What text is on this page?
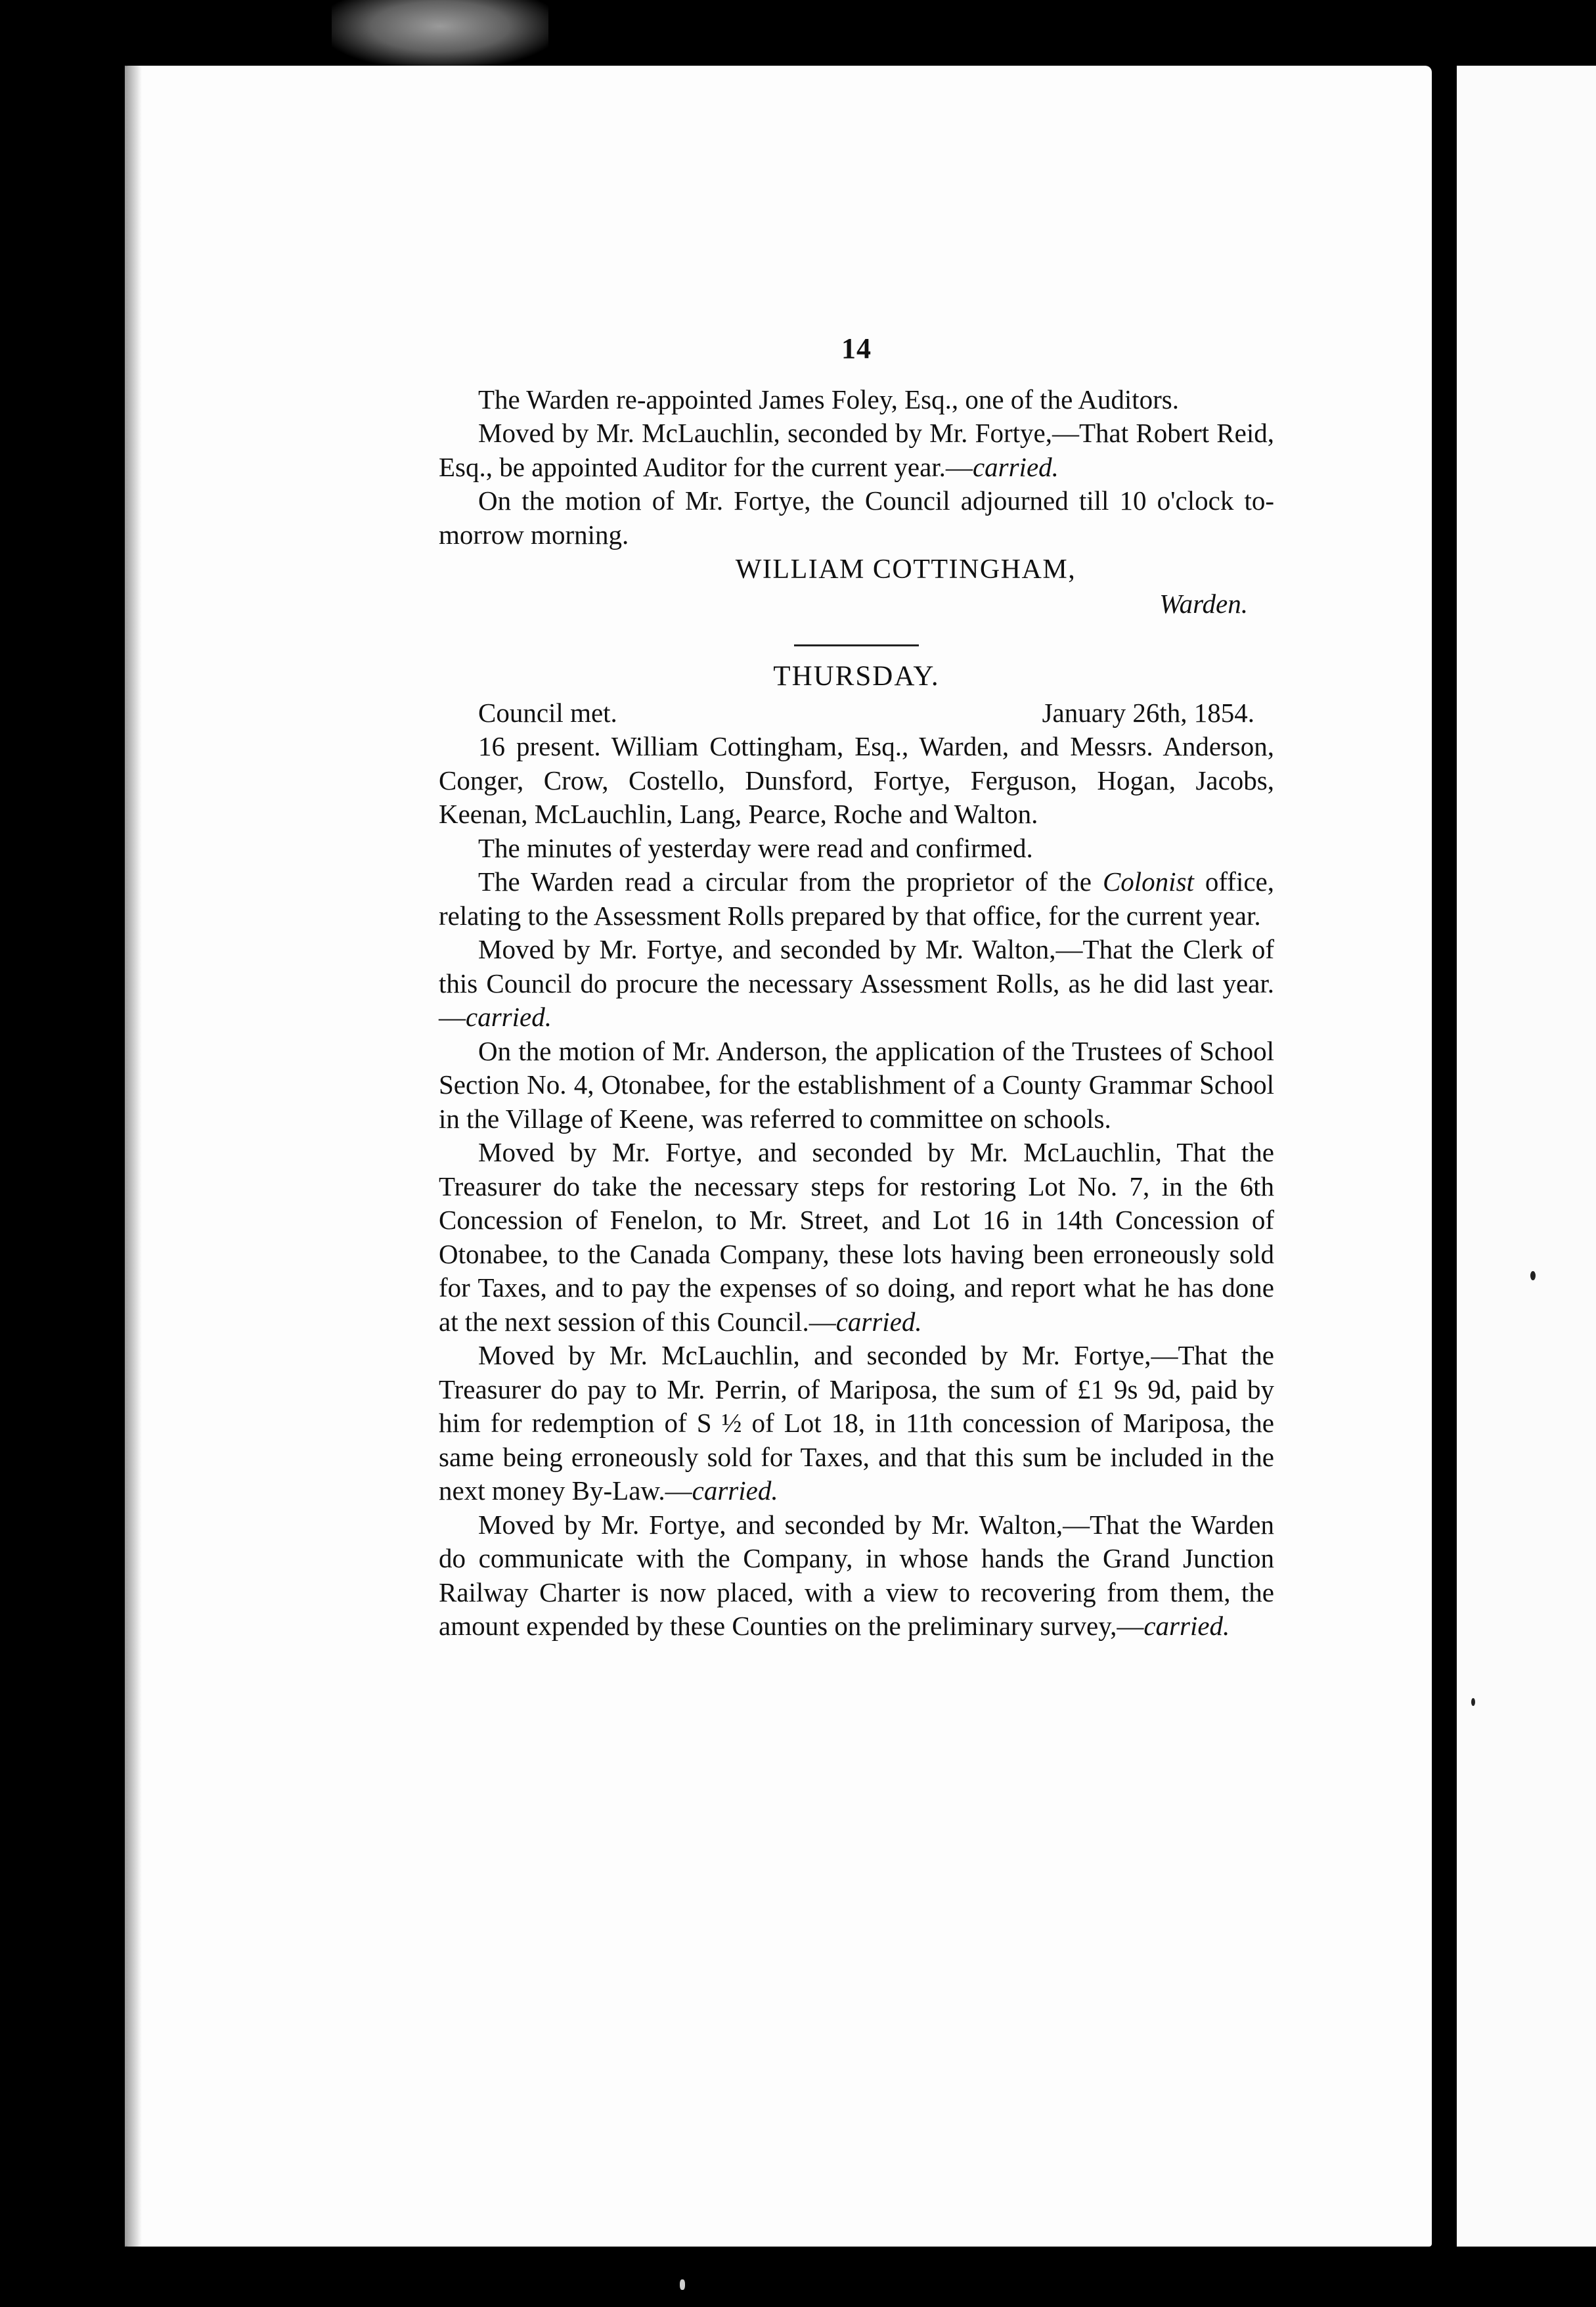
14

The Warden re-appointed James Foley, Esq., one of the Auditors.

Moved by Mr. McLauchlin, seconded by Mr. Fortye,—That Robert Reid, Esq., be appointed Auditor for the current year.—carried.

On the motion of Mr. Fortye, the Council adjourned till 10 o'clock to-morrow morning.

WILLIAM COTTINGHAM,
Warden.
THURSDAY.
Council met.	January 26th, 1854.

16 present. William Cottingham, Esq., Warden, and Messrs. Anderson, Conger, Crow, Costello, Dunsford, Fortye, Ferguson, Hogan, Jacobs, Keenan, McLauchlin, Lang, Pearce, Roche and Walton.

The minutes of yesterday were read and confirmed.

The Warden read a circular from the proprietor of the Colonist office, relating to the Assessment Rolls prepared by that office, for the current year.

Moved by Mr. Fortye, and seconded by Mr. Walton,—That the Clerk of this Council do procure the necessary Assessment Rolls, as he did last year.—carried.

On the motion of Mr. Anderson, the application of the Trustees of School Section No. 4, Otonabee, for the establishment of a County Grammar School in the Village of Keene, was referred to committee on schools.

Moved by Mr. Fortye, and seconded by Mr. McLauchlin, That the Treasurer do take the necessary steps for restoring Lot No. 7, in the 6th Concession of Fenelon, to Mr. Street, and Lot 16 in 14th Concession of Otonabee, to the Canada Company, these lots having been erroneously sold for Taxes, and to pay the expenses of so doing, and report what he has done at the next session of this Council.—carried.

Moved by Mr. McLauchlin, and seconded by Mr. Fortye,—That the Treasurer do pay to Mr. Perrin, of Mariposa, the sum of £1 9s 9d, paid by him for redemption of S ½ of Lot 18, in 11th concession of Mariposa, the same being erroneously sold for Taxes, and that this sum be included in the next money By-Law.—carried.

Moved by Mr. Fortye, and seconded by Mr. Walton,—That the Warden do communicate with the Company, in whose hands the Grand Junction Railway Charter is now placed, with a view to recovering from them, the amount expended by these Counties on the preliminary survey,—carried.
